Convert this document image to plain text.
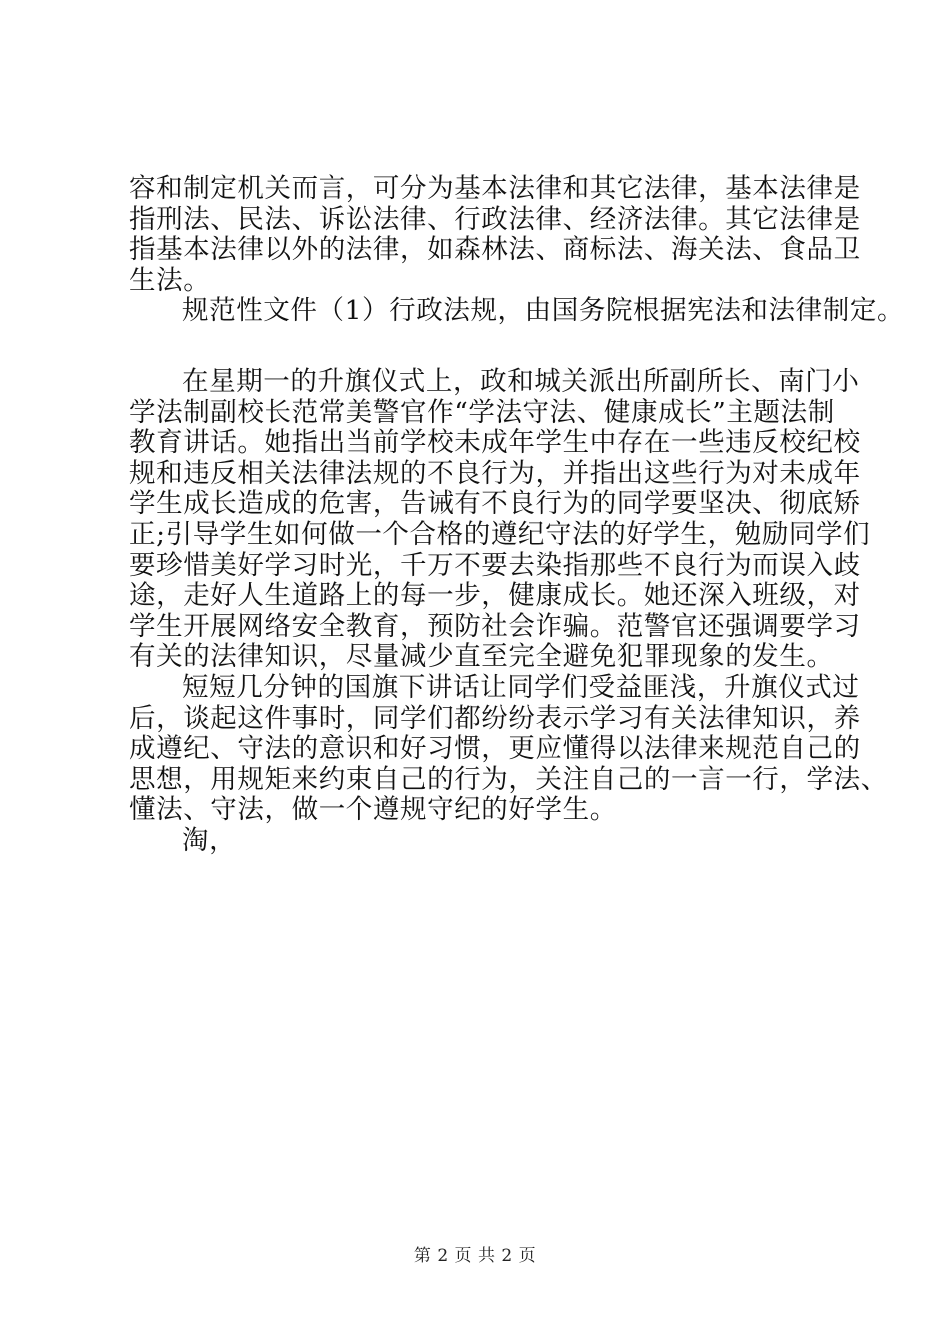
容和制定机关而言，可分为基本法律和其它法律，基本法律是
指刑法、民法、诉讼法律、行政法律、经济法律。其它法律是
指基本法律以外的法律，如森林法、商标法、海关法、食品卫
生法。
规范性文件（1）行政法规，由国务院根据宪法和法律制定。
在星期一的升旗仪式上，政和城关派出所副所长、南门小
学法制副校长范常美警官作“学法守法、健康成长”主题法制
教育讲话。她指出当前学校未成年学生中存在一些违反校纪校
规和违反相关法律法规的不良行为，并指出这些行为对未成年
学生成长造成的危害，告诫有不良行为的同学要坚决、彻底矫
正;引导学生如何做一个合格的遵纪守法的好学生，勉励同学们
要珍惜美好学习时光，千万不要去染指那些不良行为而误入歧
途，走好人生道路上的每一步，健康成长。她还深入班级，对
学生开展网络安全教育，预防社会诈骗。范警官还强调要学习
有关的法律知识，尽量减少直至完全避免犯罪现象的发生。
短短几分钟的国旗下讲话让同学们受益匪浅，升旗仪式过
后，谈起这件事时，同学们都纷纷表示学习有关法律知识，养
成遵纪、守法的意识和好习惯，更应懂得以法律来规范自己的
思想，用规矩来约束自己的行为，关注自己的一言一行，学法、
懂法、守法，做一个遵规守纪的好学生。
淘，
第 2 页 共 2 页
